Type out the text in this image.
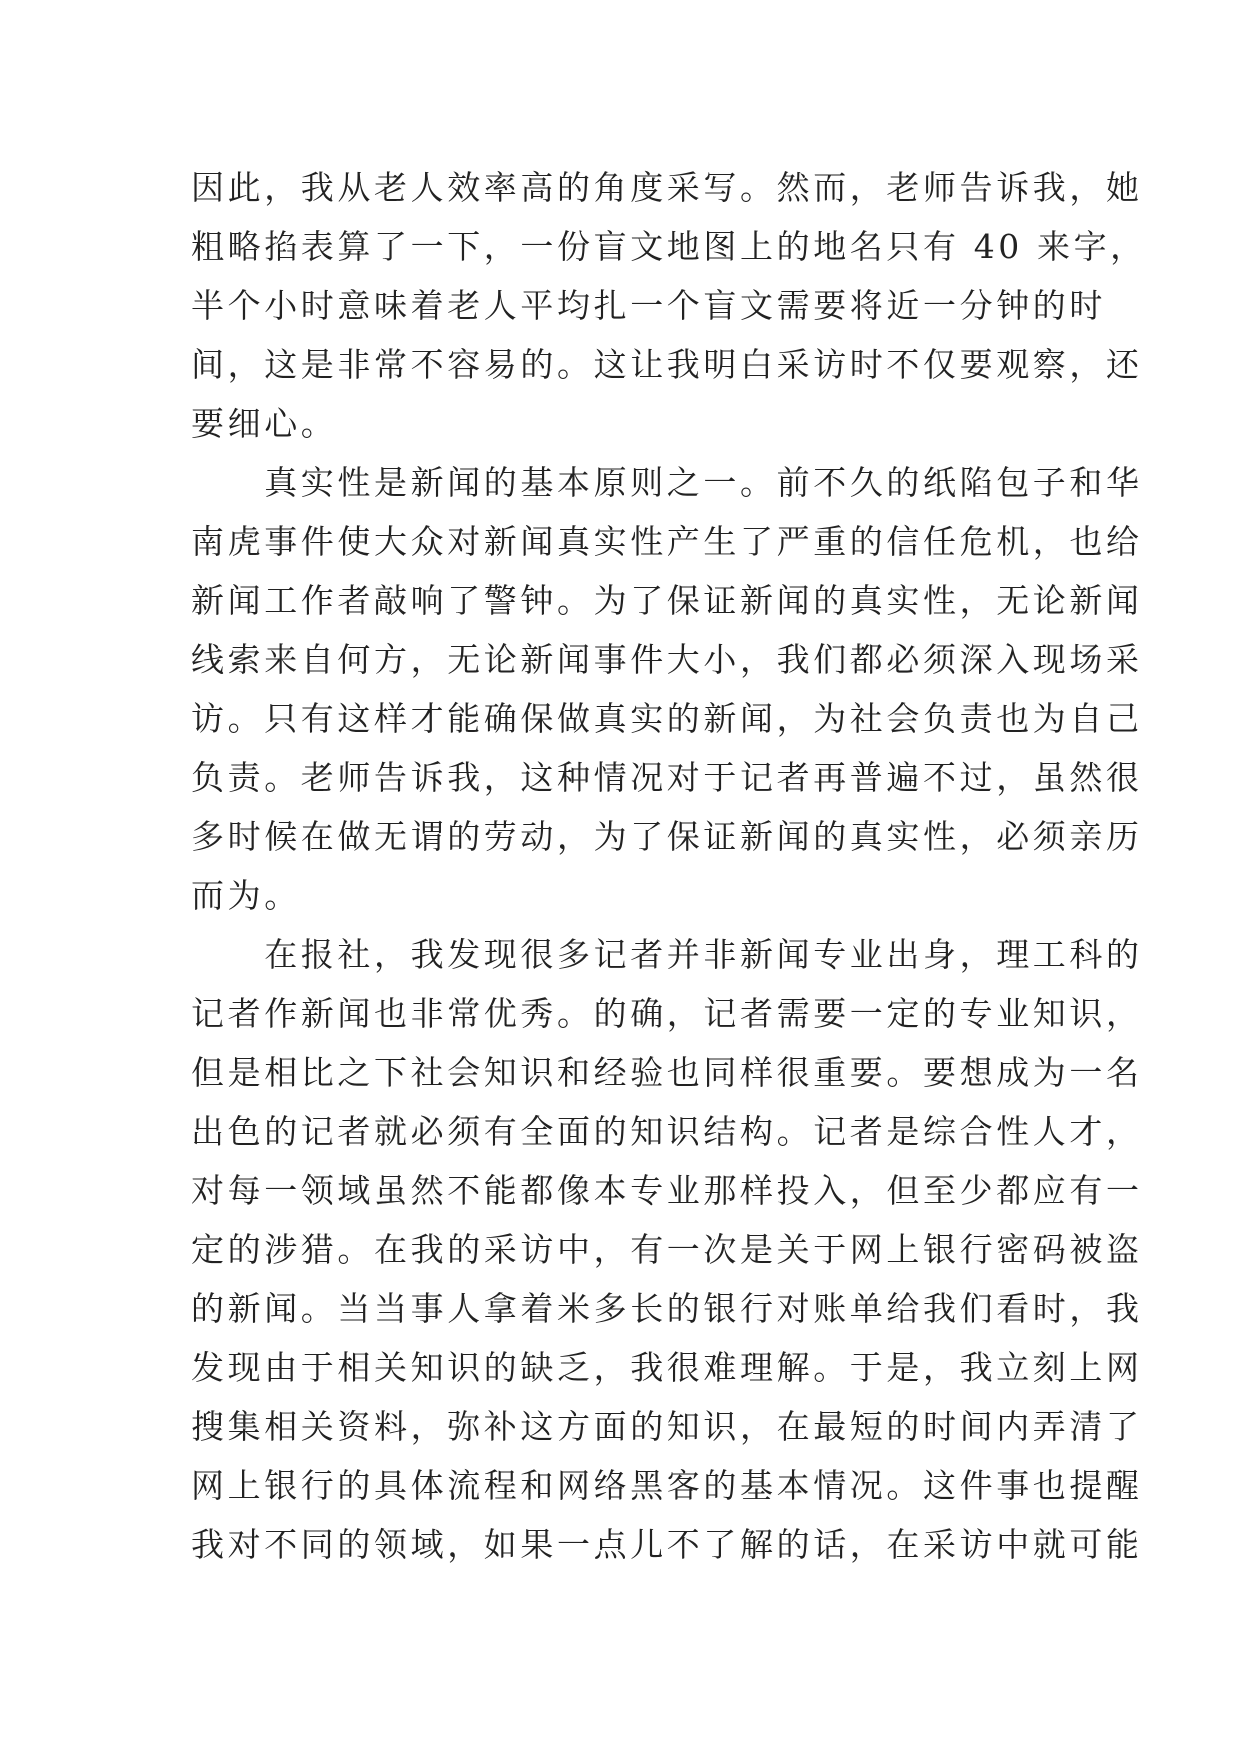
因此，我从老人效率高的角度采写。然而，老师告诉我，她
粗略掐表算了一下，一份盲文地图上的地名只有 40 来字，
半个小时意味着老人平均扎一个盲文需要将近一分钟的时
间，这是非常不容易的。这让我明白采访时不仅要观察，还
要细心。
　　真实性是新闻的基本原则之一。前不久的纸陷包子和华
南虎事件使大众对新闻真实性产生了严重的信任危机，也给
新闻工作者敲响了警钟。为了保证新闻的真实性，无论新闻
线索来自何方，无论新闻事件大小，我们都必须深入现场采
访。只有这样才能确保做真实的新闻，为社会负责也为自己
负责。老师告诉我，这种情况对于记者再普遍不过，虽然很
多时候在做无谓的劳动，为了保证新闻的真实性，必须亲历
而为。
　　在报社，我发现很多记者并非新闻专业出身，理工科的
记者作新闻也非常优秀。的确，记者需要一定的专业知识，
但是相比之下社会知识和经验也同样很重要。要想成为一名
出色的记者就必须有全面的知识结构。记者是综合性人才，
对每一领域虽然不能都像本专业那样投入，但至少都应有一
定的涉猎。在我的采访中，有一次是关于网上银行密码被盗
的新闻。当当事人拿着米多长的银行对账单给我们看时，我
发现由于相关知识的缺乏，我很难理解。于是，我立刻上网
搜集相关资料，弥补这方面的知识，在最短的时间内弄清了
网上银行的具体流程和网络黑客的基本情况。这件事也提醒
我对不同的领域，如果一点儿不了解的话，在采访中就可能
